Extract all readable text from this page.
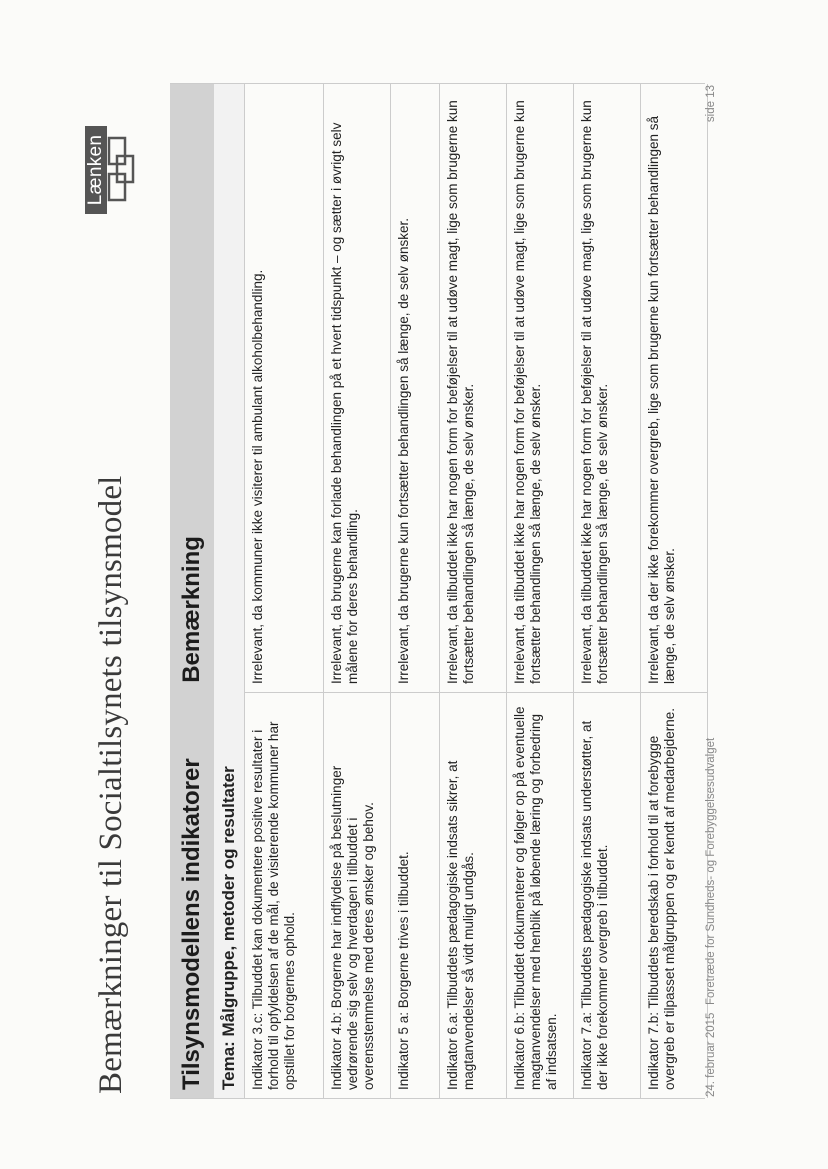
Bemærkninger til Socialtilsynets tilsynsmodel
Lænken
Tilsynsmodellens indikatorer
Bemærkning
Tema: Målgruppe, metoder og resultater Indikator 3.c: Tilbuddet kan dokumentere positive resultater i forhold til opfyldelsen af de mål, de visiterende kommuner har opstillet for borgernes ophold.
Irrelevant, da kommuner ikke visiterer til ambulant alkoholbehandling.
Indikator 4.b: Borgerne har indflydelse på beslutninger vedrørende sig selv og hverdagen i tilbuddet i overensstemmelse med deres ønsker og behov.
Irrelevant, da brugerne kan forlade behandlingen på et hvert tidspunkt – og sætter i øvrigt selv målene for deres behandling.
Indikator 5 a: Borgerne trives i tilbuddet.
Irrelevant, da brugerne kun fortsætter behandlingen så længe, de selv ønsker.
Indikator 6.a: Tilbuddets pædagogiske indsats sikrer, at magtanvendelser så vidt muligt undgås.
Irrelevant, da tilbuddet ikke har nogen form for beføjelser til at udøve magt, lige som brugerne kun fortsætter behandlingen så længe, de selv ønsker.
Indikator 6.b: Tilbuddet dokumenterer og følger op på eventuelle magtanvendelser med henblik på løbende læring og forbedring af indsatsen.
Irrelevant, da tilbuddet ikke har nogen form for beføjelser til at udøve magt, lige som brugerne kun fortsætter behandlingen så længe, de selv ønsker.
Indikator 7.a: Tilbuddets pædagogiske indsats understøtter, at der ikke forekommer overgreb i tilbuddet.
Irrelevant, da tilbuddet ikke har nogen form for beføjelser til at udøve magt, lige som brugerne kun fortsætter behandlingen så længe, de selv ønsker.
Indikator 7.b: Tilbuddets beredskab i forhold til at forebygge overgreb er tilpasset målgruppen og er kendt af medarbejderne.
Irrelevant, da der ikke forekommer overgreb, lige som brugerne kun fortsætter behandlingen så længe, de selv ønsker.
24. februar 2015
Foretræde for Sundheds- og Forebyggelsesudvalget
side 13
